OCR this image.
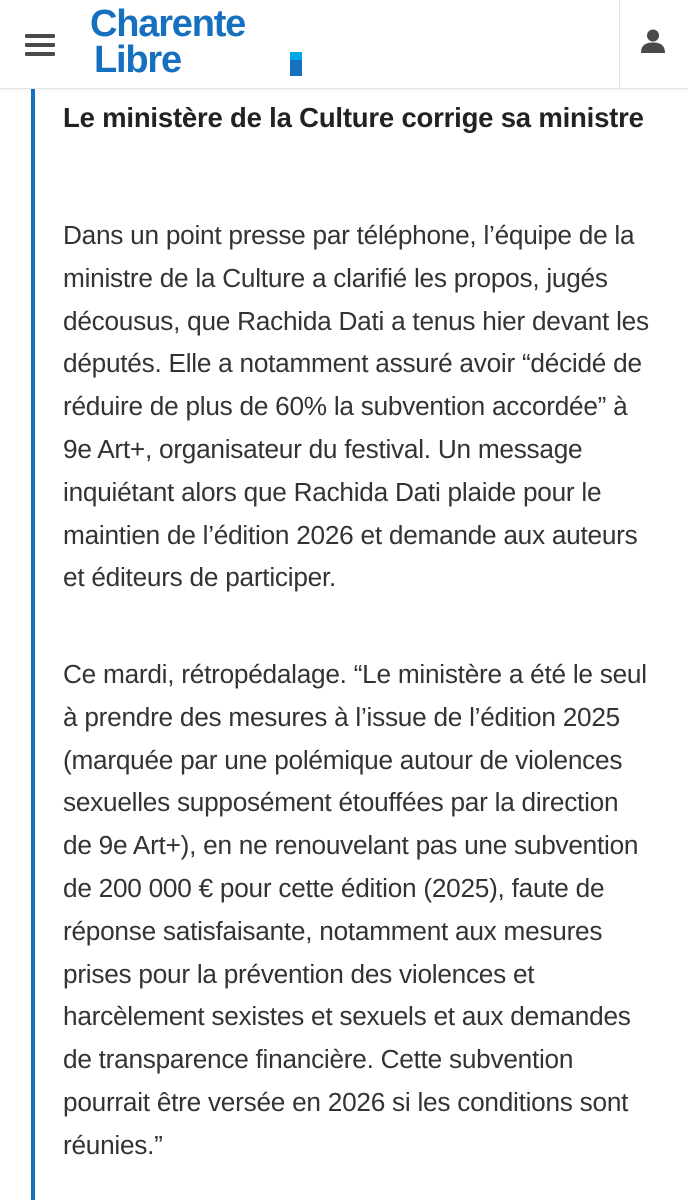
Charente
Libre
Le ministère de la Culture corrige sa ministre

Dans un point presse par téléphone, l’équipe de la ministre de la Culture a clarifié les propos, jugés décousus, que Rachida Dati a tenus hier devant les députés. Elle a notamment assuré avoir “décidé de réduire de plus de 60% la subvention accordée” à 9e Art+, organisateur du festival. Un message inquiétant alors que Rachida Dati plaide pour le maintien de l’édition 2026 et demande aux auteurs et éditeurs de participer.

Ce mardi, rétropédalage. “Le ministère a été le seul à prendre des mesures à l’issue de l’édition 2025 (marquée par une polémique autour de violences sexuelles supposément étouffées par la direction de 9e Art+), en ne renouvelant pas une subvention de 200 000 € pour cette édition (2025), faute de réponse satisfaisante, notamment aux mesures prises pour la prévention des violences et harcèlement sexistes et sexuels et aux demandes de transparence financière. Cette subvention pourrait être versée en 2026 si les conditions sont réunies.”
